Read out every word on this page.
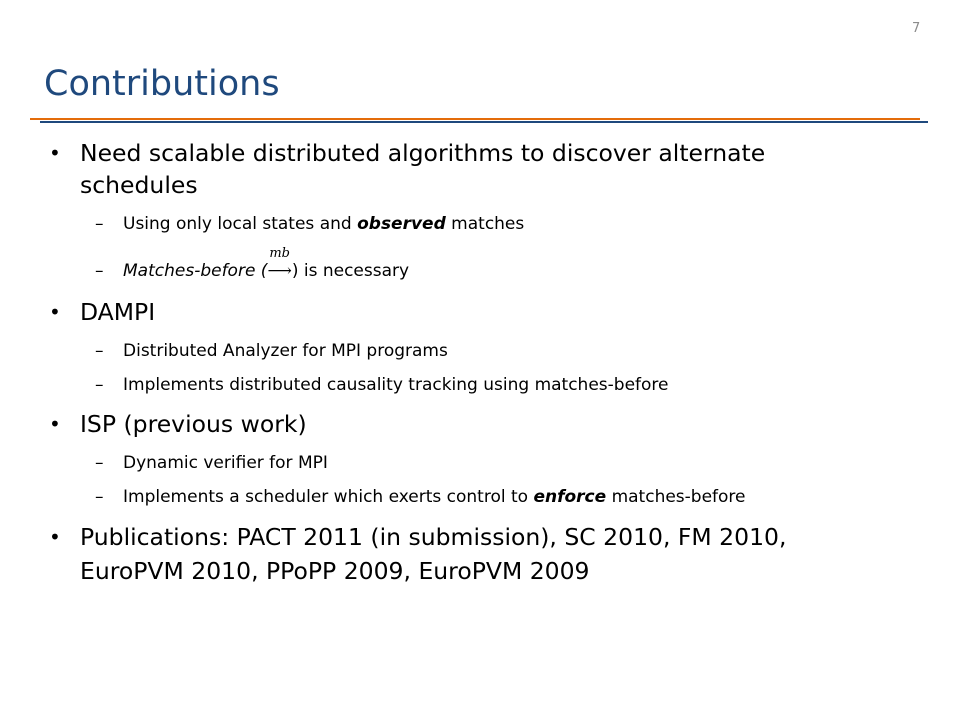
7
Contributions
• Need scalable distributed algorithms to discover alternate
schedules
– Using only local states and observed matches
– Matches-before (
mb
⟶) is necessary
• DAMPI
– Distributed Analyzer for MPI programs
– Implements distributed causality tracking using matches-before
• ISP (previous work)
– Dynamic verifier for MPI
– Implements a scheduler which exerts control to enforce matches-before
• Publications: PACT 2011 (in submission), SC 2010, FM 2010,
EuroPVM 2010, PPoPP 2009, EuroPVM 2009
